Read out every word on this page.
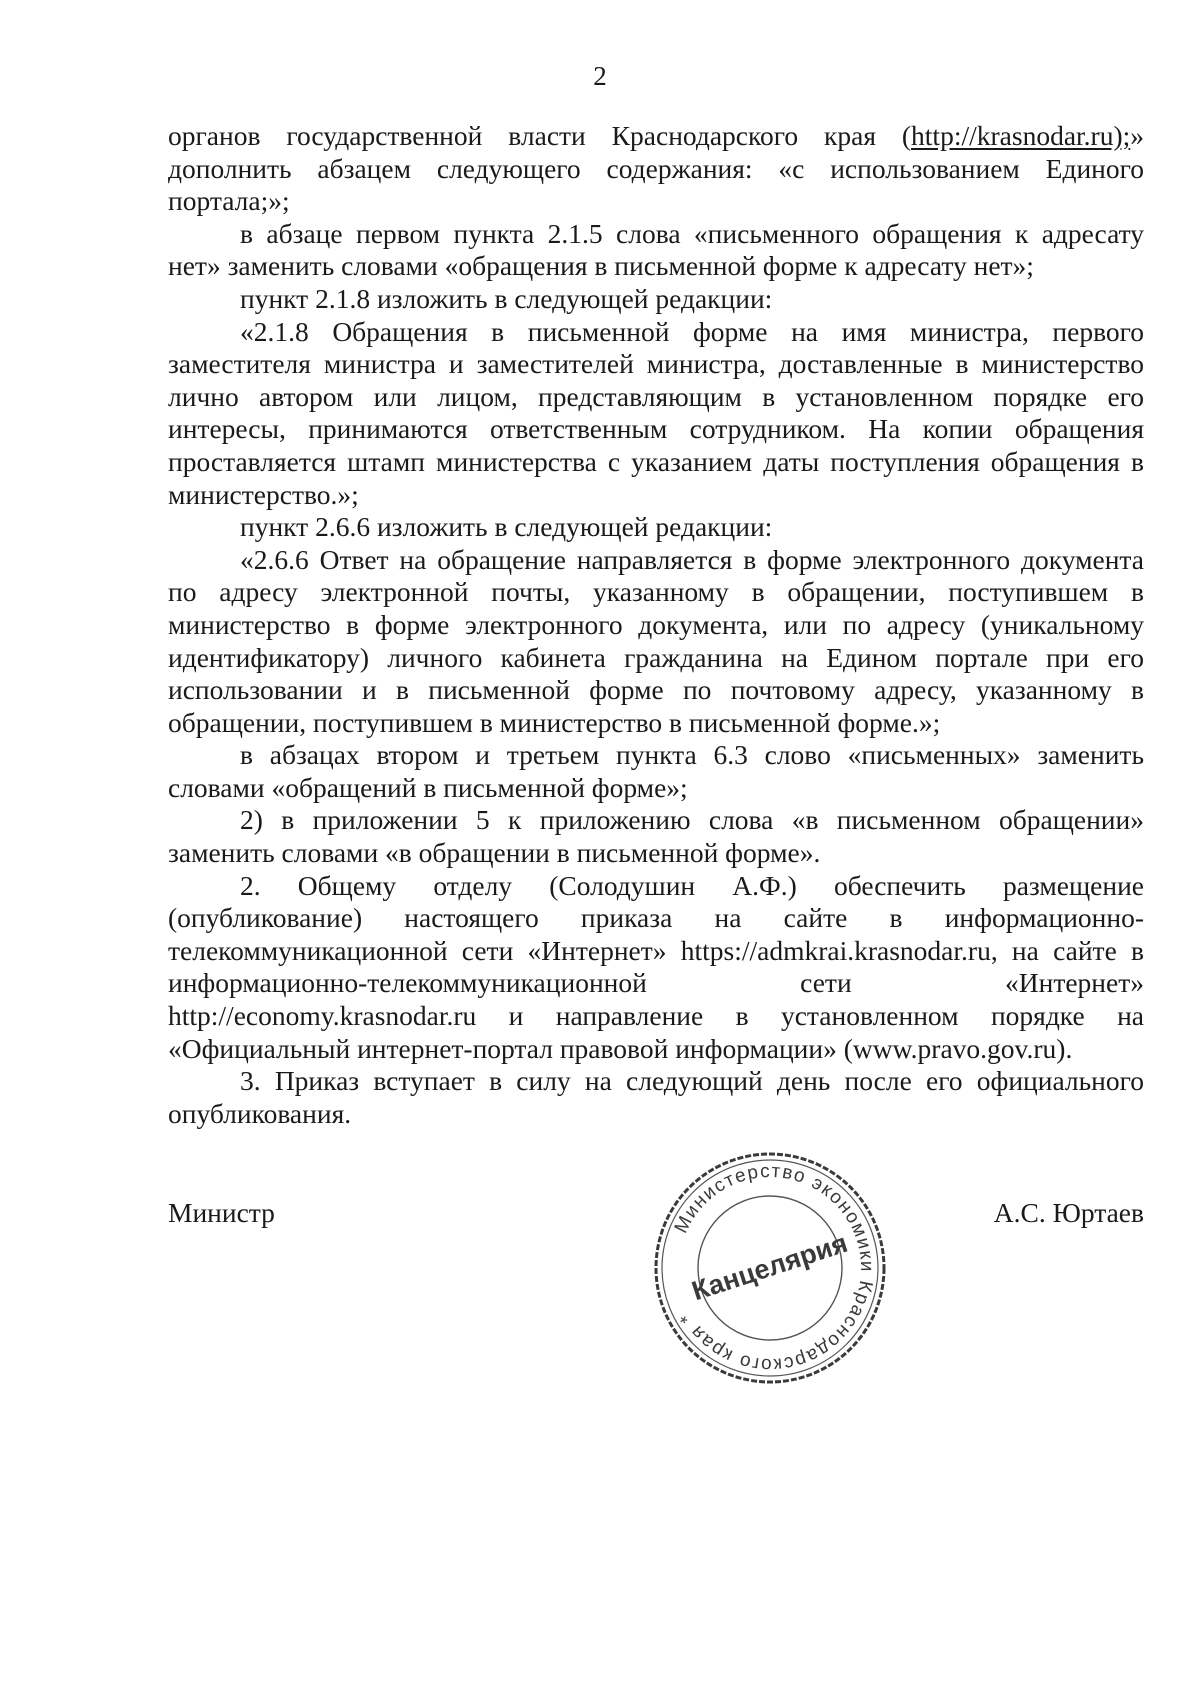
2

органов государственной власти Краснодарского края (http://krasnodar.ru);» дополнить абзацем следующего содержания: «с использованием Единого портала;»;

в абзаце первом пункта 2.1.5 слова «письменного обращения к адресату нет» заменить словами «обращения в письменной форме к адресату нет»;

пункт 2.1.8 изложить в следующей редакции:

«2.1.8 Обращения в письменной форме на имя министра, первого заместителя министра и заместителей министра, доставленные в министерство лично автором или лицом, представляющим в установленном порядке его интересы, принимаются ответственным сотрудником. На копии обращения проставляется штамп министерства с указанием даты поступления обращения в министерство.»;

пункт 2.6.6 изложить в следующей редакции:

«2.6.6 Ответ на обращение направляется в форме электронного документа по адресу электронной почты, указанному в обращении, поступившем в министерство в форме электронного документа, или по адресу (уникальному идентификатору) личного кабинета гражданина на Едином портале при его использовании и в письменной форме по почтовому адресу, указанному в обращении, поступившем в министерство в письменной форме.»;

в абзацах втором и третьем пункта 6.3 слово «письменных» заменить словами «обращений в письменной форме»;

2) в приложении 5 к приложению слова «в письменном обращении» заменить словами «в обращении в письменной форме».

2. Общему отделу (Солодушин А.Ф.) обеспечить размещение (опубликование) настоящего приказа на сайте в информационно-телекоммуникационной сети «Интернет» https://admkrai.krasnodar.ru, на сайте в информационно-телекоммуникационной сети «Интернет» http://economy.krasnodar.ru и направление в установленном порядке на «Официальный интернет-портал правовой информации» (www.pravo.gov.ru).

3. Приказ вступает в силу на следующий день после его официального опубликования.

Министр	А.С. Юртаев
Министерство экономики Краснодарского края *
Канцелярия
